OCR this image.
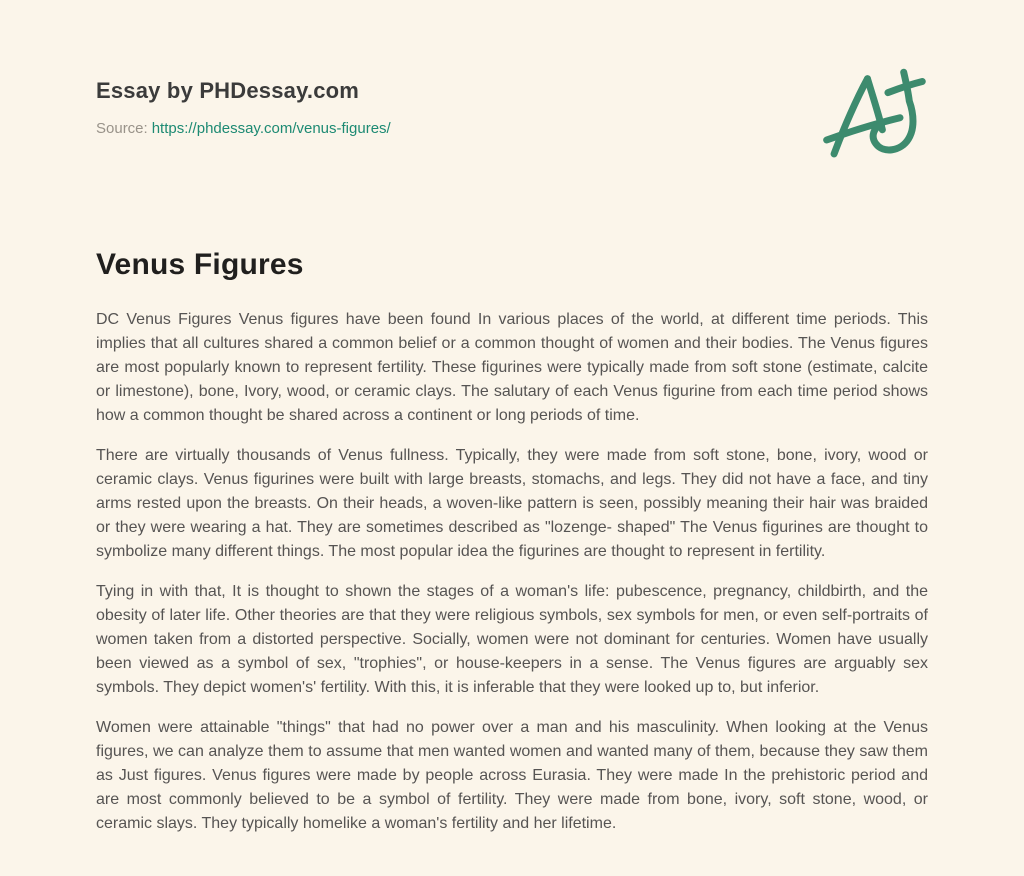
Essay by PHDessay.com
Source: https://phdessay.com/venus-figures/
Venus Figures

DC Venus Figures Venus figures have been found In various places of the world, at different time periods. This implies that all cultures shared a common belief or a common thought of women and their bodies. The Venus figures are most popularly known to represent fertility. These figurines were typically made from soft stone (estimate, calcite or limestone), bone, Ivory, wood, or ceramic clays. The salutary of each Venus figurine from each time period shows how a common thought be shared across a continent or long periods of time.

There are virtually thousands of Venus fullness. Typically, they were made from soft stone, bone, ivory, wood or ceramic clays. Venus figurines were built with large breasts, stomachs, and legs. They did not have a face, and tiny arms rested upon the breasts. On their heads, a woven-like pattern is seen, possibly meaning their hair was braided or they were wearing a hat. They are sometimes described as "lozenge- shaped" The Venus figurines are thought to symbolize many different things. The most popular idea the figurines are thought to represent in fertility.

Tying in with that, It is thought to shown the stages of a woman's life: pubescence, pregnancy, childbirth, and the obesity of later life. Other theories are that they were religious symbols, sex symbols for men, or even self-portraits of women taken from a distorted perspective. Socially, women were not dominant for centuries. Women have usually been viewed as a symbol of sex, "trophies", or house-keepers in a sense. The Venus figures are arguably sex symbols. They depict women's' fertility. With this, it is inferable that they were looked up to, but inferior.

Women were attainable "things" that had no power over a man and his masculinity. When looking at the Venus figures, we can analyze them to assume that men wanted women and wanted many of them, because they saw them as Just figures. Venus figures were made by people across Eurasia. They were made In the prehistoric period and are most commonly believed to be a symbol of fertility. They were made from bone, ivory, soft stone, wood, or ceramic slays. They typically homelike a woman's fertility and her lifetime.
